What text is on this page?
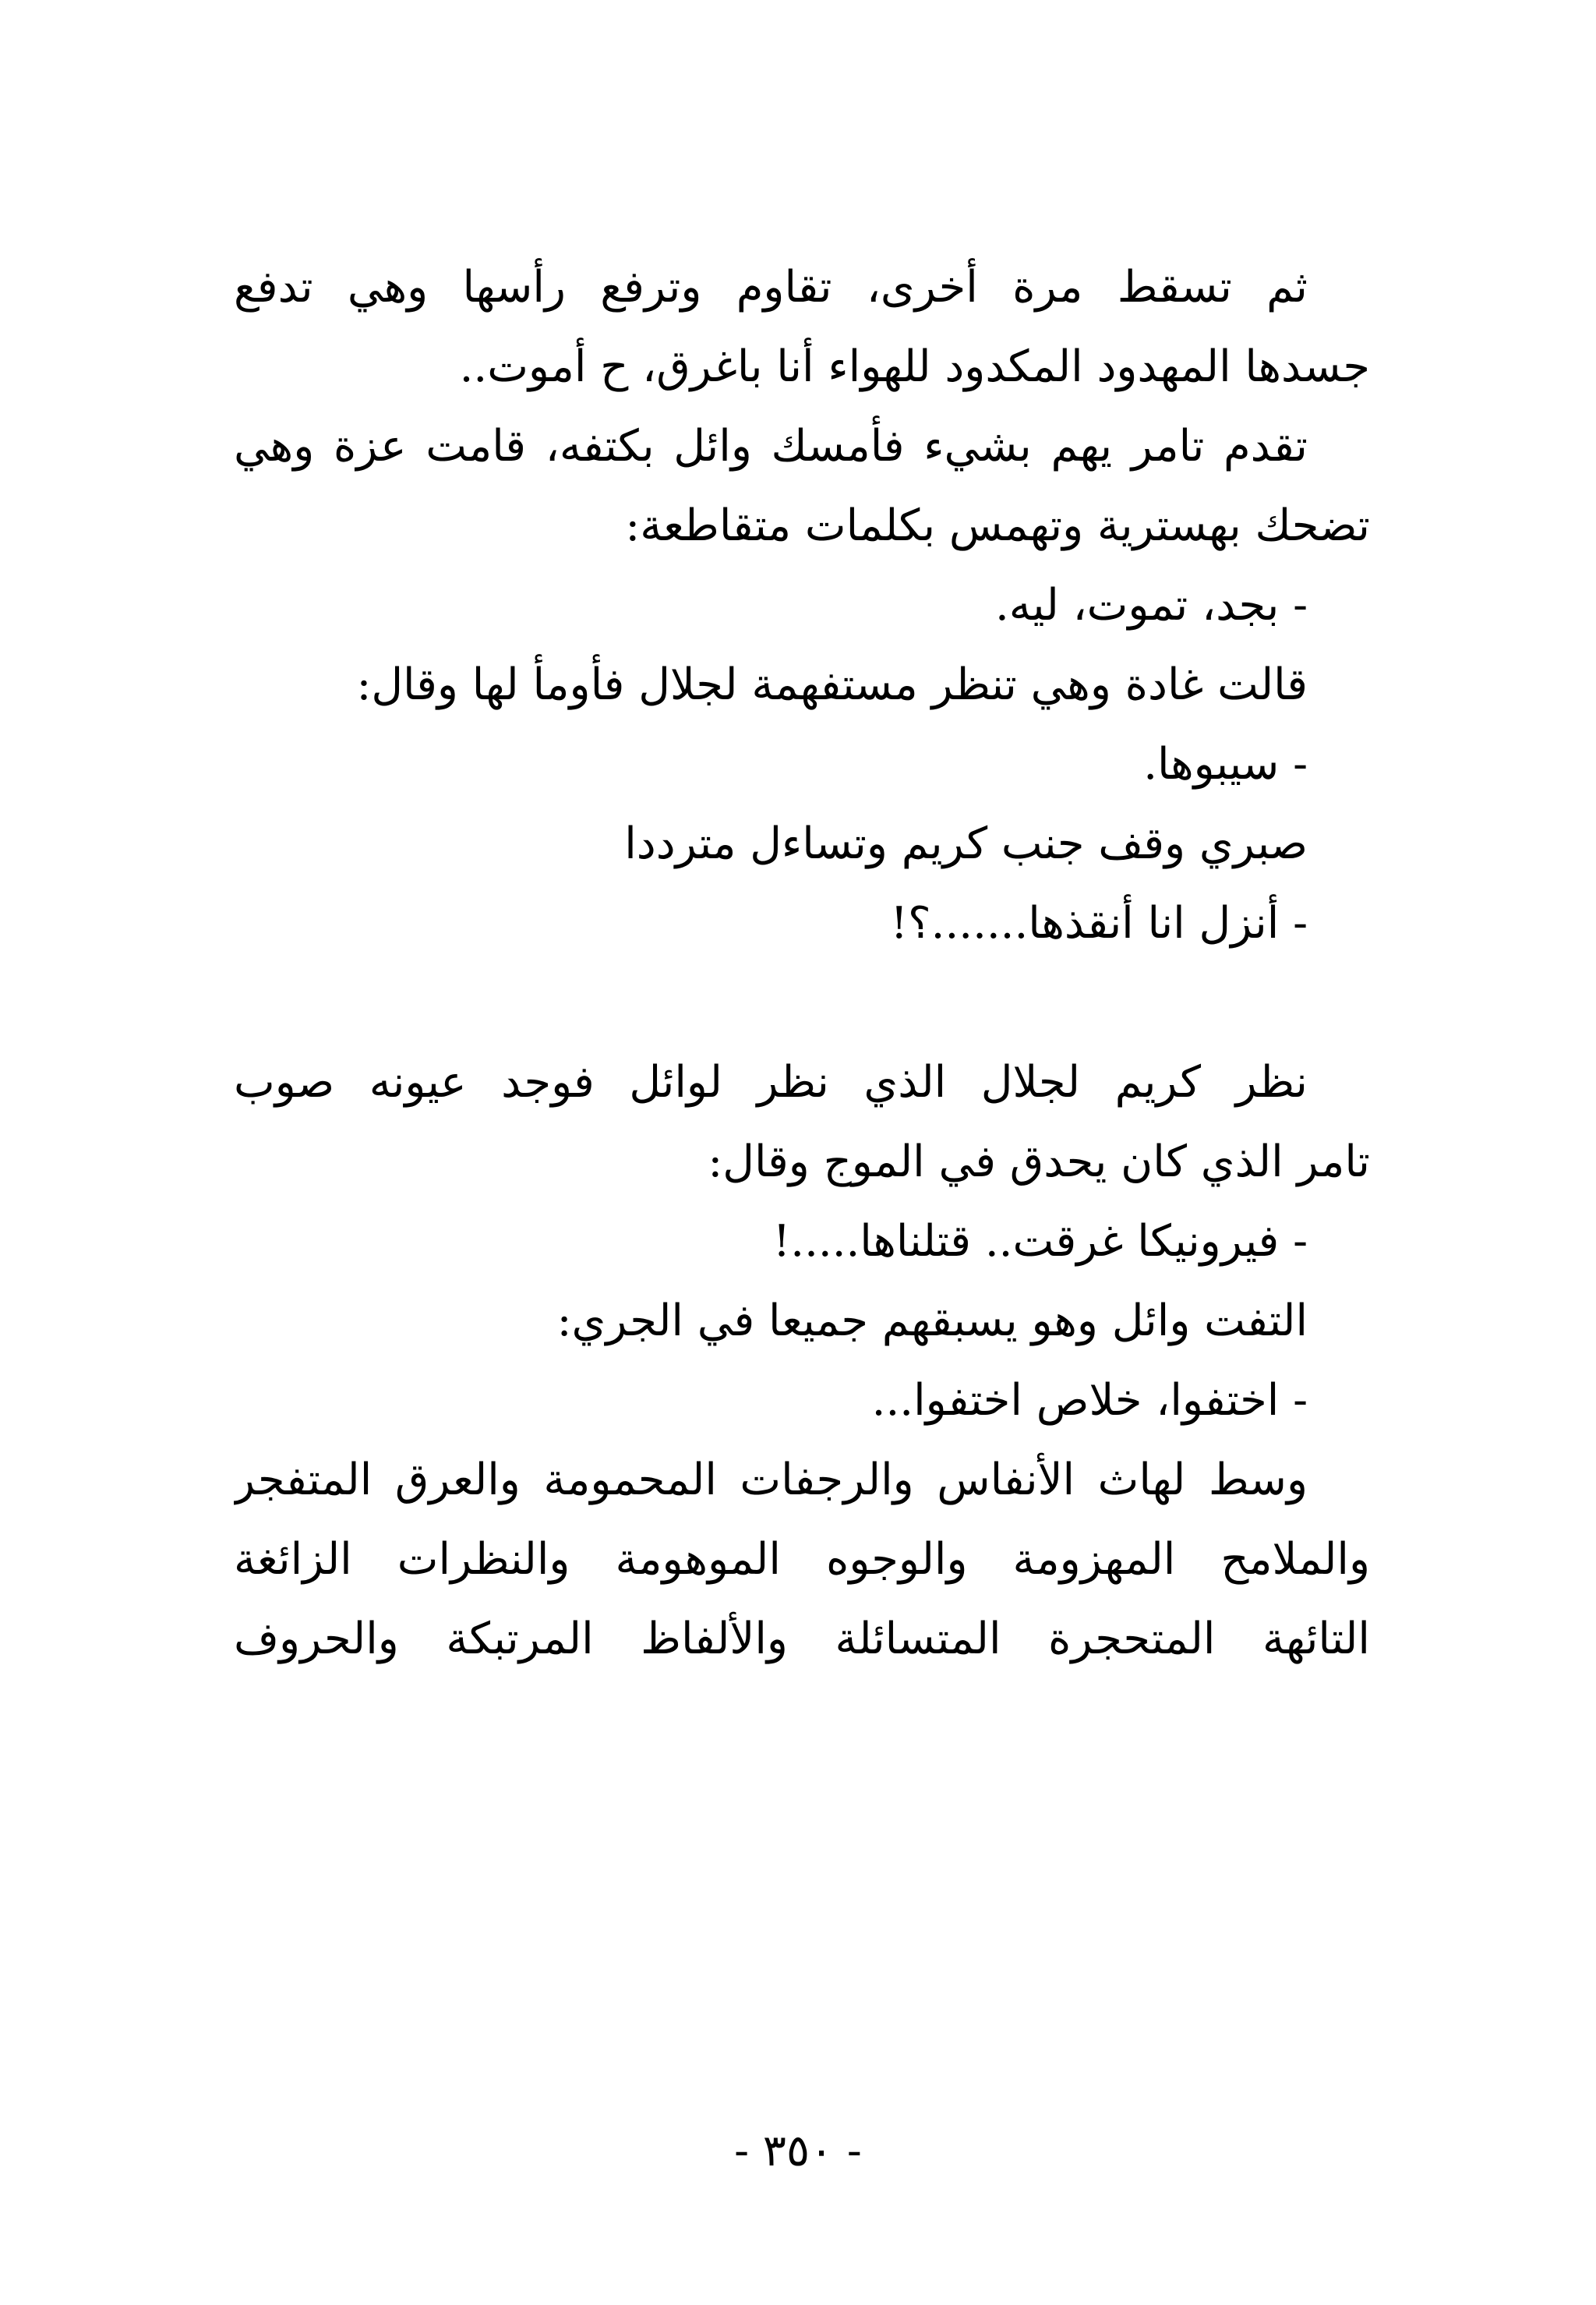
ثم تسقط مرة أخرى، تقاوم وترفع رأسها وهي تدفع
جسدها المهدود المكدود للهواء أنا باغرق، ح أموت..
تقدم تامر يهم بشيء فأمسك وائل بكتفه، قامت عزة وهي
تضحك بهسترية وتهمس بكلمات متقاطعة:
- بجد، تموت، ليه.
قالت غادة وهي تنظر مستفهمة لجلال فأومأ لها وقال:
- سيبوها.
صبري وقف جنب كريم وتساءل مترددا
- أنزل انا أنقذها.......؟!
نظر كريم لجلال الذي نظر لوائل فوجد عيونه صوب
تامر الذي كان يحدق في الموج وقال:
- فيرونيكا غرقت.. قتلناها.....!
التفت وائل وهو يسبقهم جميعا في الجري:
- اختفوا، خلاص اختفوا...
وسط لهاث الأنفاس والرجفات المحمومة والعرق المتفجر
والملامح المهزومة والوجوه الموهومة والنظرات الزائغة
التائهة المتحجرة المتسائلة والألفاظ المرتبكة والحروف
- ٣٥٠ -
